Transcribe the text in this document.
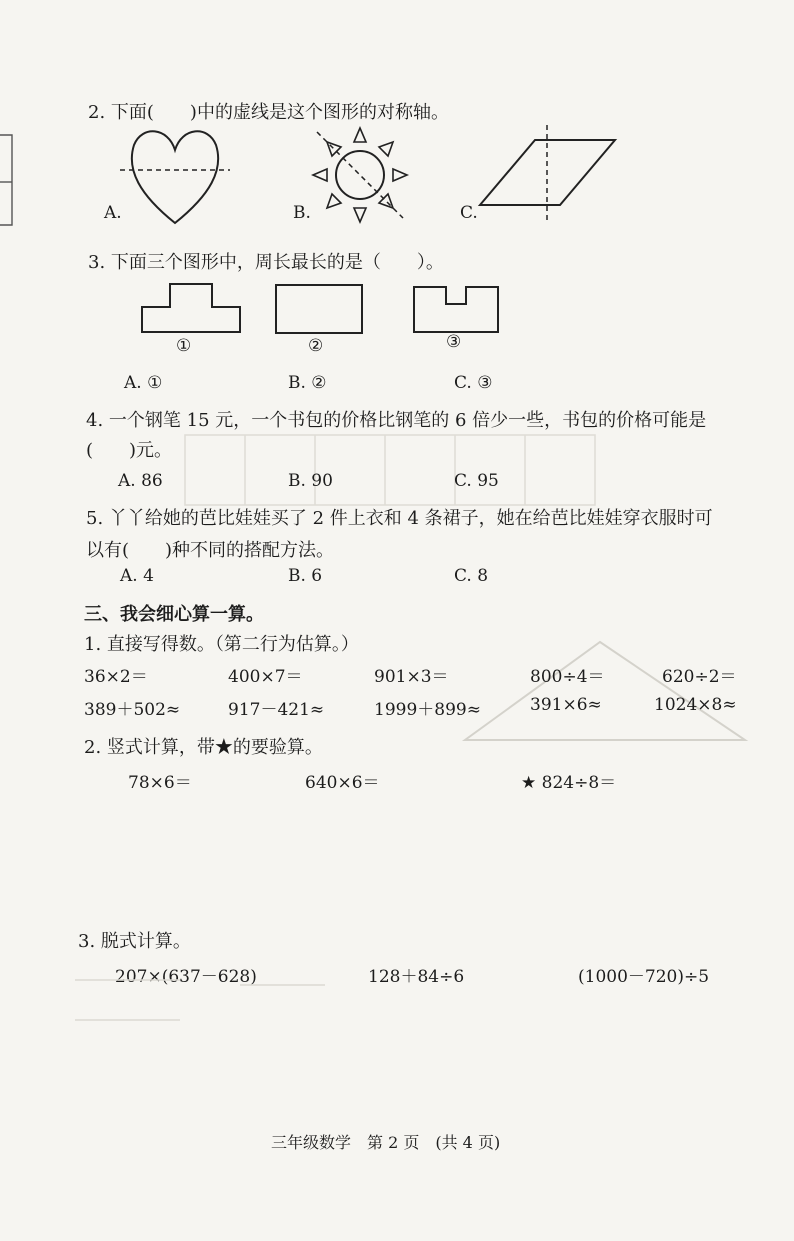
2. 下面(　　)中的虚线是这个图形的对称轴。
A.	B.	C.
3. 下面三个图形中，周长最长的是（　　）。
①	②	③
A. ①	B. ②	C. ③
4. 一个钢笔 15 元，一个书包的价格比钢笔的 6 倍少一些，书包的价格可能是
(　　)元。
A. 86	B. 90	C. 95
5. 丫丫给她的芭比娃娃买了 2 件上衣和 4 条裙子，她在给芭比娃娃穿衣服时可
以有(　　)种不同的搭配方法。
A. 4	B. 6	C. 8
三、我会细心算一算。
1. 直接写得数。（第二行为估算。）
36×2＝	400×7＝	901×3＝	800÷4＝	620÷2＝
389＋502≈	917－421≈	1999＋899≈	391×6≈	1024×8≈
2. 竖式计算，带★的要验算。
78×6＝	640×6＝	★ 824÷8＝
3. 脱式计算。
207×(637－628)	128＋84÷6	(1000－720)÷5
三年级数学　第 2 页　(共 4 页)
